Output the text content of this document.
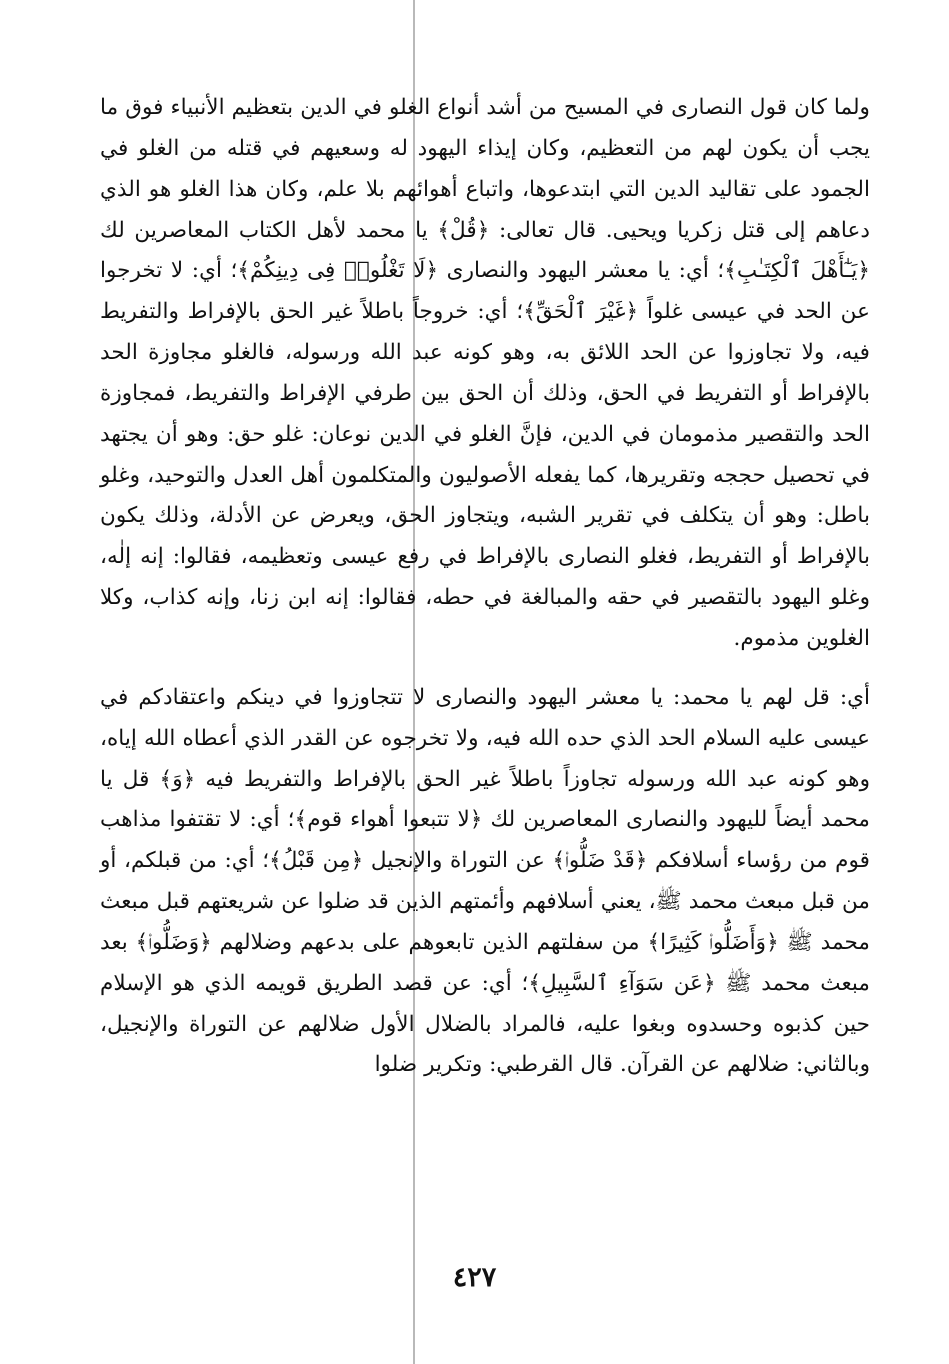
ولما كان قول النصارى في المسيح من أشد أنواع الغلو في الدين بتعظيم الأنبياء فوق ما يجب أن يكون لهم من التعظيم، وكان إيذاء اليهود له وسعيهم في قتله من الغلو في الجمود على تقاليد الدين التي ابتدعوها، واتباع أهوائهم بلا علم، وكان هذا الغلو هو الذي دعاهم إلى قتل زكريا ويحيى. قال تعالى: ﴿قُلْ﴾ يا محمد لأهل الكتاب المعاصرين لك ﴿يَـٰٓأَهْلَ ٱلْكِتَـٰبِ﴾؛ أي: يا معشر اليهود والنصارى ﴿لَا تَغْلُوا۟ فِى دِينِكُمْ﴾؛ أي: لا تخرجوا عن الحد في عيسى غلواً ﴿غَيْرَ ٱلْحَقِّ﴾؛ أي: خروجاً باطلاً غير الحق بالإفراط والتفريط فيه، ولا تجاوزوا عن الحد اللائق به، وهو كونه عبد الله ورسوله، فالغلو مجاوزة الحد بالإفراط أو التفريط في الحق، وذلك أن الحق بين طرفي الإفراط والتفريط، فمجاوزة الحد والتقصير مذمومان في الدين، فإنَّ الغلو في الدين نوعان: غلو حق: وهو أن يجتهد في تحصيل حججه وتقريرها، كما يفعله الأصوليون والمتكلمون أهل العدل والتوحيد، وغلو باطل: وهو أن يتكلف في تقرير الشبه، ويتجاوز الحق، ويعرض عن الأدلة، وذلك يكون بالإفراط أو التفريط، فغلو النصارى بالإفراط في رفع عيسى وتعظيمه، فقالوا: إنه إلٰه، وغلو اليهود بالتقصير في حقه والمبالغة في حطه، فقالوا: إنه ابن زنا، وإنه كذاب، وكلا الغلوين مذموم.

أي: قل لهم يا محمد: يا معشر اليهود والنصارى لا تتجاوزوا في دينكم واعتقادكم في عيسى عليه السلام الحد الذي حده الله فيه، ولا تخرجوه عن القدر الذي أعطاه الله إياه، وهو كونه عبد الله ورسوله تجاوزاً باطلاً غير الحق بالإفراط والتفريط فيه ﴿وَ﴾ قل يا محمد أيضاً لليهود والنصارى المعاصرين لك ﴿لا تتبعوا أهواء قوم﴾؛ أي: لا تقتفوا مذاهب قوم من رؤساء أسلافكم ﴿قَدْ ضَلُّوا۟﴾ عن التوراة والإنجيل ﴿مِن قَبْلُ﴾؛ أي: من قبلكم، أو من قبل مبعث محمد ﷺ، يعني أسلافهم وأئمتهم الذين قد ضلوا عن شريعتهم قبل مبعث محمد ﷺ ﴿وَأَضَلُّوا۟ كَثِيرًا﴾ من سفلتهم الذين تابعوهم على بدعهم وضلالهم ﴿وَضَلُّوا۟﴾ بعد مبعث محمد ﷺ ﴿عَن سَوَآءِ ٱلسَّبِيلِ﴾؛ أي: عن قصد الطريق قويمه الذي هو الإسلام حين كذبوه وحسدوه وبغوا عليه، فالمراد بالضلال الأول ضلالهم عن التوراة والإنجيل، وبالثاني: ضلالهم عن القرآن. قال القرطبي: وتكرير ضلوا

٤٢٧
